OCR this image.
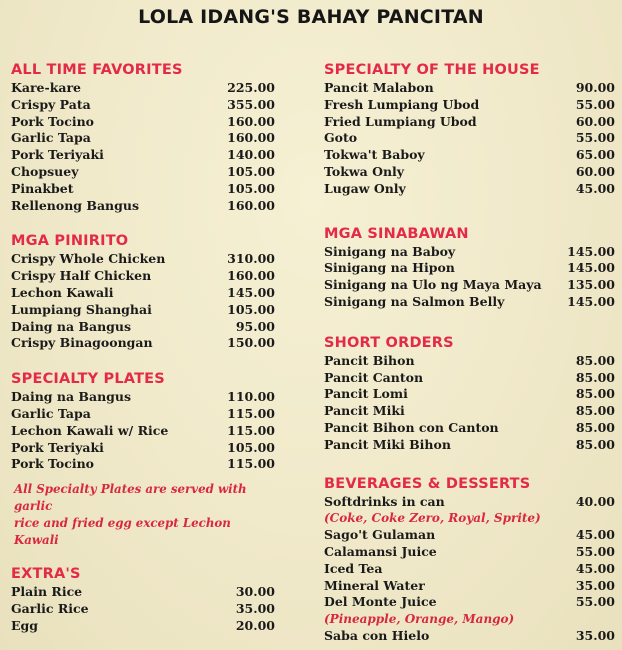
LOLA IDANG'S BAHAY PANCITAN
ALL TIME FAVORITES
Kare-kare	225.00
Crispy Pata	355.00
Pork Tocino	160.00
Garlic Tapa	160.00
Pork Teriyaki	140.00
Chopsuey	105.00
Pinakbet	105.00
Rellenong Bangus	160.00
MGA PINIRITO
Crispy Whole Chicken	310.00
Crispy Half Chicken	160.00
Lechon Kawali	145.00
Lumpiang Shanghai	105.00
Daing na Bangus	95.00
Crispy Binagoongan	150.00
SPECIALTY PLATES
Daing na Bangus	110.00
Garlic Tapa	115.00
Lechon Kawali w/ Rice	115.00
Pork Teriyaki	105.00
Pork Tocino	115.00
All Specialty Plates are served with garlic
rice and fried egg except Lechon Kawali
EXTRA'S
Plain Rice	30.00
Garlic Rice	35.00
Egg	20.00
SPECIALTY OF THE HOUSE
Pancit Malabon	90.00
Fresh Lumpiang Ubod	55.00
Fried Lumpiang Ubod	60.00
Goto	55.00
Tokwa't Baboy	65.00
Tokwa Only	60.00
Lugaw Only	45.00
MGA SINABAWAN
Sinigang na Baboy	145.00
Sinigang na Hipon	145.00
Sinigang na Ulo ng Maya Maya 135.00
Sinigang na Salmon Belly	145.00
SHORT ORDERS
Pancit Bihon	85.00
Pancit Canton	85.00
Pancit Lomi	85.00
Pancit Miki	85.00
Pancit Bihon con Canton	85.00
Pancit Miki Bihon	85.00
BEVERAGES & DESSERTS
Softdrinks in can	40.00
(Coke, Coke Zero, Royal, Sprite)
Sago't Gulaman	45.00
Calamansi Juice	55.00
Iced Tea	45.00
Mineral Water	35.00
Del Monte Juice	55.00
(Pineapple, Orange, Mango)
Saba con Hielo	35.00
